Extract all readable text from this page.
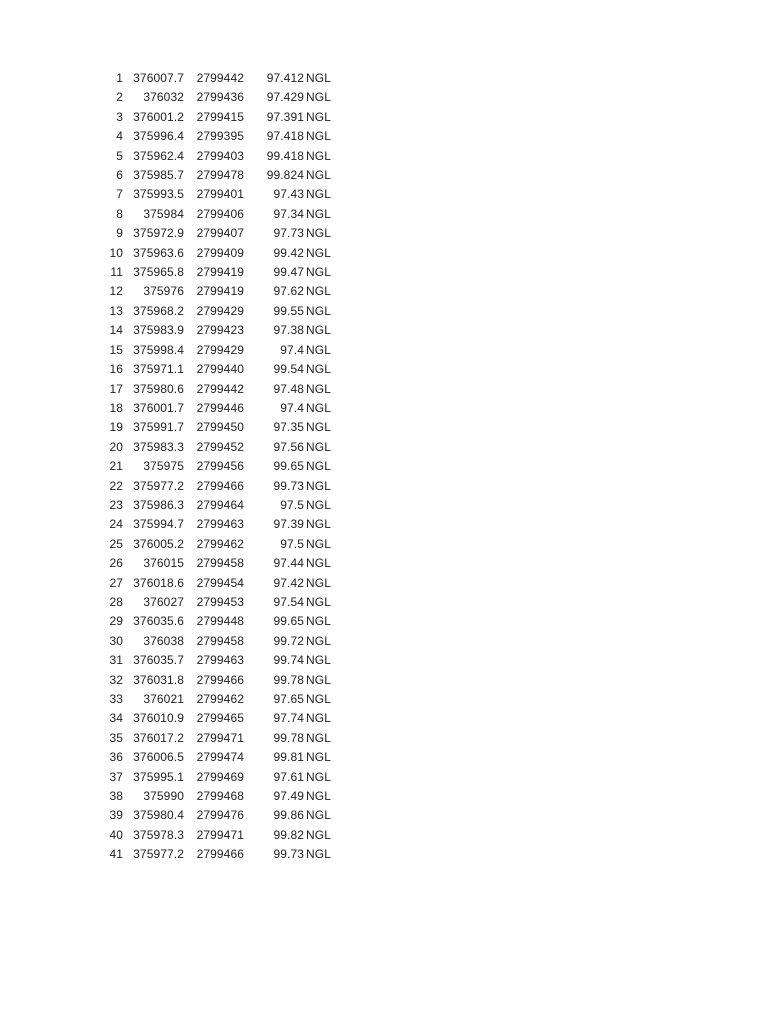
1	376007.7	2799442	97.412	NGL
2	376032	2799436	97.429	NGL
3	376001.2	2799415	97.391	NGL
4	375996.4	2799395	97.418	NGL
5	375962.4	2799403	99.418	NGL
6	375985.7	2799478	99.824	NGL
7	375993.5	2799401	97.43	NGL
8	375984	2799406	97.34	NGL
9	375972.9	2799407	97.73	NGL
10	375963.6	2799409	99.42	NGL
11	375965.8	2799419	99.47	NGL
12	375976	2799419	97.62	NGL
13	375968.2	2799429	99.55	NGL
14	375983.9	2799423	97.38	NGL
15	375998.4	2799429	97.4	NGL
16	375971.1	2799440	99.54	NGL
17	375980.6	2799442	97.48	NGL
18	376001.7	2799446	97.4	NGL
19	375991.7	2799450	97.35	NGL
20	375983.3	2799452	97.56	NGL
21	375975	2799456	99.65	NGL
22	375977.2	2799466	99.73	NGL
23	375986.3	2799464	97.5	NGL
24	375994.7	2799463	97.39	NGL
25	376005.2	2799462	97.5	NGL
26	376015	2799458	97.44	NGL
27	376018.6	2799454	97.42	NGL
28	376027	2799453	97.54	NGL
29	376035.6	2799448	99.65	NGL
30	376038	2799458	99.72	NGL
31	376035.7	2799463	99.74	NGL
32	376031.8	2799466	99.78	NGL
33	376021	2799462	97.65	NGL
34	376010.9	2799465	97.74	NGL
35	376017.2	2799471	99.78	NGL
36	376006.5	2799474	99.81	NGL
37	375995.1	2799469	97.61	NGL
38	375990	2799468	97.49	NGL
39	375980.4	2799476	99.86	NGL
40	375978.3	2799471	99.82	NGL
41	375977.2	2799466	99.73	NGL
